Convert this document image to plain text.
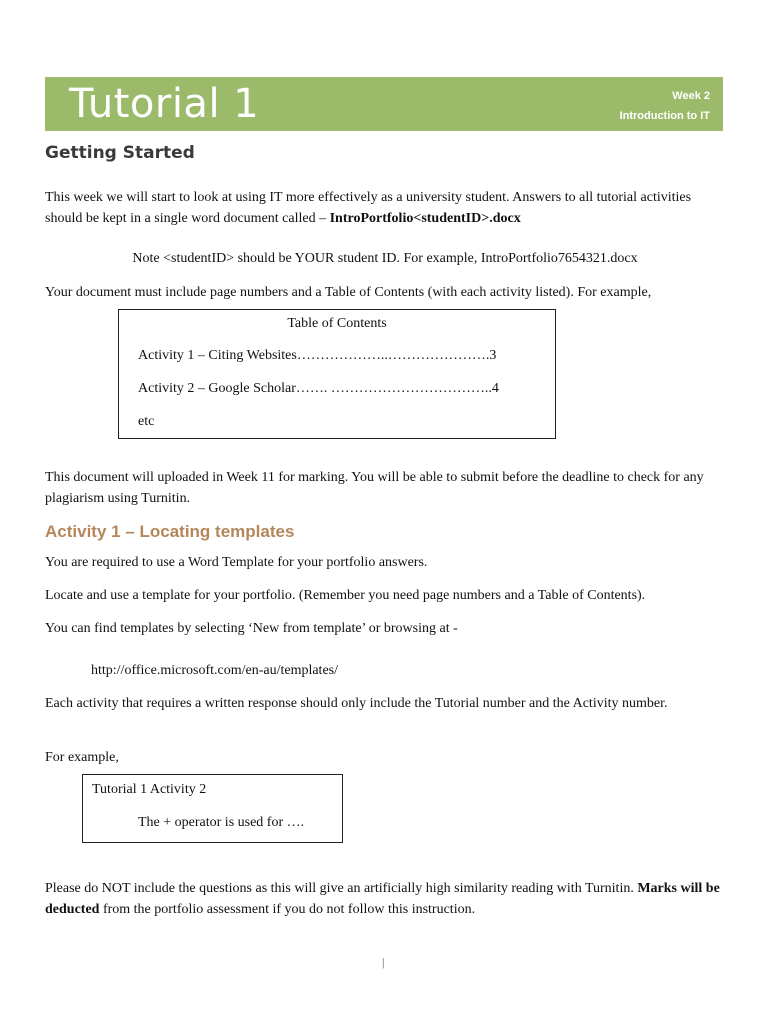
Tutorial 1	Week 2
Introduction to IT
Getting Started

This week we will start to look at using IT more effectively as a university student. Answers to all tutorial activities should be kept in a single word document called – IntroPortfolio<studentID>.docx

Note <studentID> should be YOUR student ID. For example, IntroPortfolio7654321.docx

Your document must include page numbers and a Table of Contents (with each activity listed). For example,

Table of Contents
Activity 1 – Citing Websites………………..………………….3
Activity 2 – Google Scholar……. ……………………………..4
etc

This document will uploaded in Week 11 for marking. You will be able to submit before the deadline to check for any plagiarism using Turnitin.

Activity 1 – Locating templates

You are required to use a Word Template for your portfolio answers.

Locate and use a template for your portfolio. (Remember you need page numbers and a Table of Contents).

You can find templates by selecting ‘New from template’ or browsing at -

http://office.microsoft.com/en-au/templates/

Each activity that requires a written response should only include the Tutorial number and the Activity number.

For example,

Tutorial 1 Activity 2
The + operator is used for ….

Please do NOT include the questions as this will give an artificially high similarity reading with Turnitin. Marks will be deducted from the portfolio assessment if you do not follow this instruction.

|
